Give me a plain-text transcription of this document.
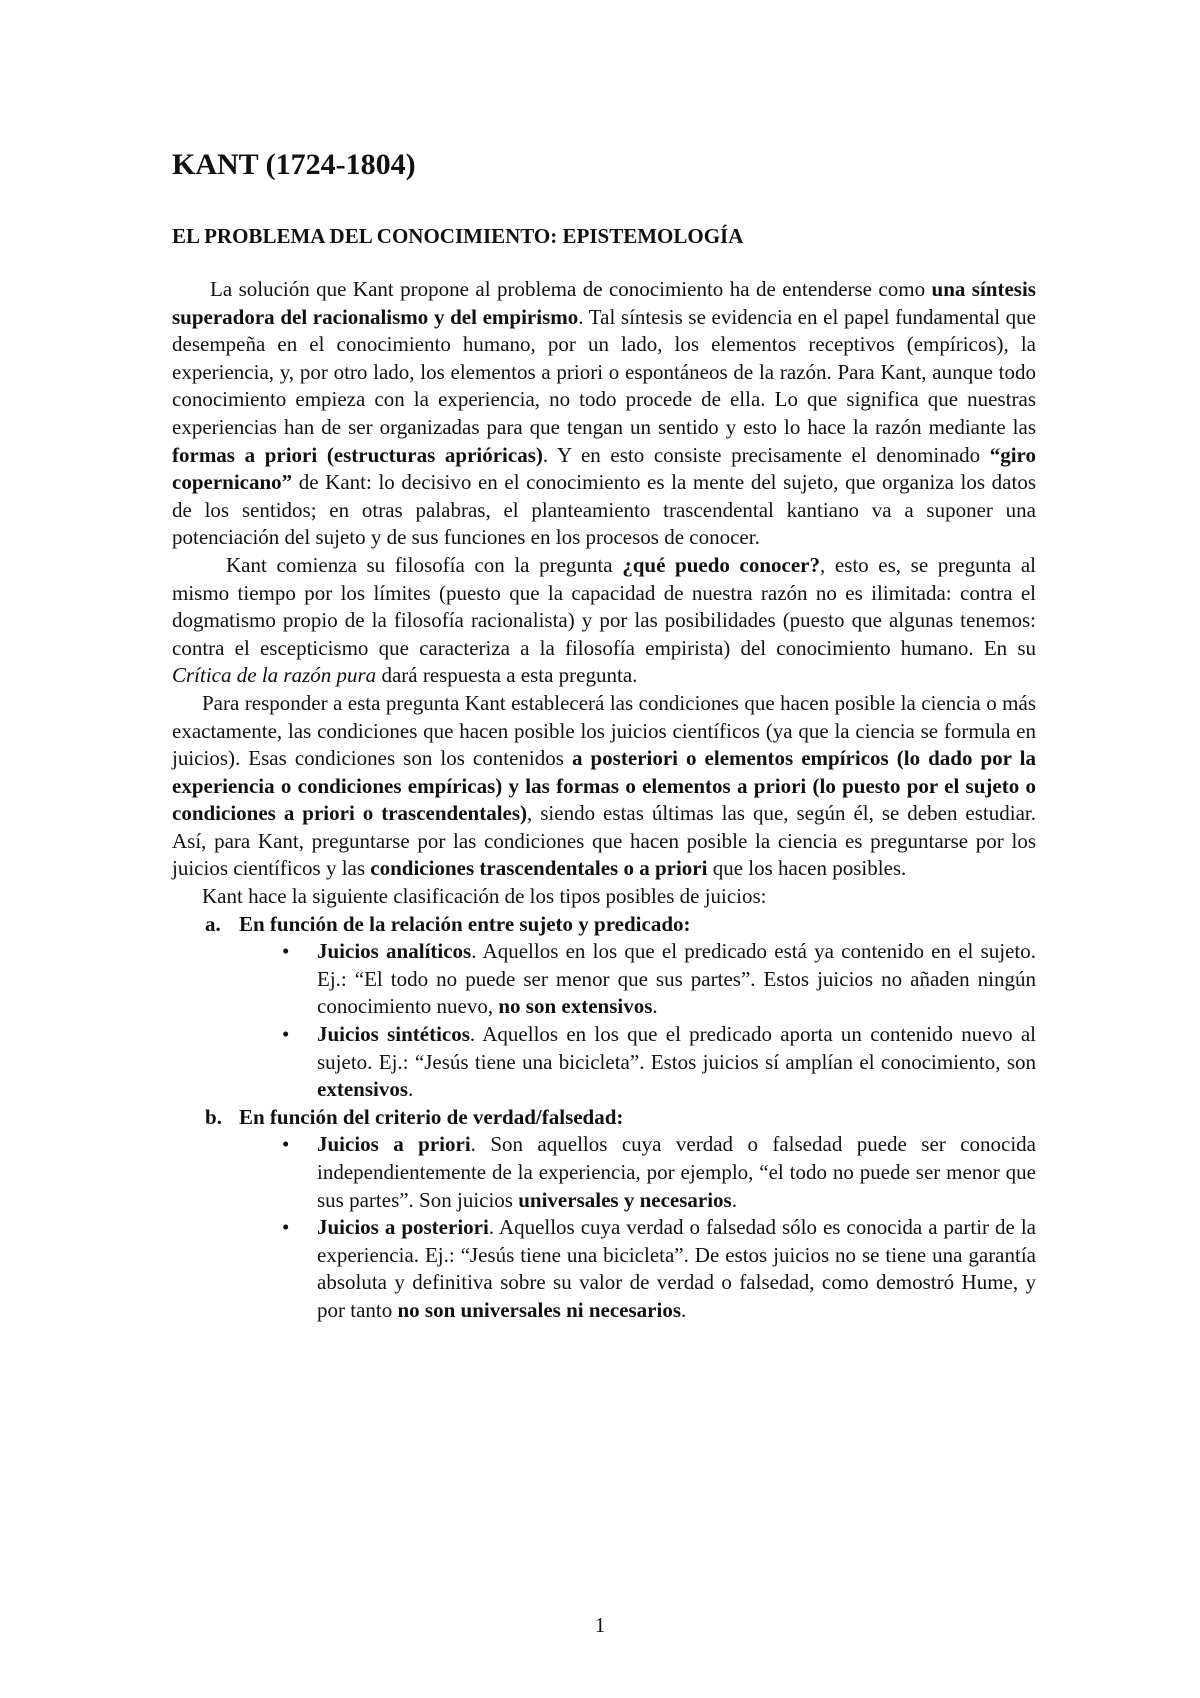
KANT (1724-1804)
EL PROBLEMA DEL CONOCIMIENTO: EPISTEMOLOGÍA

La solución que Kant propone al problema de conocimiento ha de entenderse como una síntesis superadora del racionalismo y del empirismo. Tal síntesis se evidencia en el papel fundamental que desempeña en el conocimiento humano, por un lado, los elementos receptivos (empíricos), la experiencia, y, por otro lado, los elementos a priori o espontáneos de la razón. Para Kant, aunque todo conocimiento empieza con la experiencia, no todo procede de ella. Lo que significa que nuestras experiencias han de ser organizadas para que tengan un sentido y esto lo hace la razón mediante las formas a priori (estructuras aprióricas). Y en esto consiste precisamente el denominado “giro copernicano” de Kant: lo decisivo en el conocimiento es la mente del sujeto, que organiza los datos de los sentidos; en otras palabras, el planteamiento trascendental kantiano va a suponer una potenciación del sujeto y de sus funciones en los procesos de conocer.

Kant comienza su filosofía con la pregunta ¿qué puedo conocer?, esto es, se pregunta al mismo tiempo por los límites (puesto que la capacidad de nuestra razón no es ilimitada: contra el dogmatismo propio de la filosofía racionalista) y por las posibilidades (puesto que algunas tenemos: contra el escepticismo que caracteriza a la filosofía empirista) del conocimiento humano. En su Crítica de la razón pura dará respuesta a esta pregunta.

Para responder a esta pregunta Kant establecerá las condiciones que hacen posible la ciencia o más exactamente, las condiciones que hacen posible los juicios científicos (ya que la ciencia se formula en juicios). Esas condiciones son los contenidos a posteriori o elementos empíricos (lo dado por la experiencia o condiciones empíricas) y las formas o elementos a priori (lo puesto por el sujeto o condiciones a priori o trascendentales), siendo estas últimas las que, según él, se deben estudiar. Así, para Kant, preguntarse por las condiciones que hacen posible la ciencia es preguntarse por los juicios científicos y las condiciones trascendentales o a priori que los hacen posibles.

Kant hace la siguiente clasificación de los tipos posibles de juicios:

a. En función de la relación entre sujeto y predicado:

• Juicios analíticos. Aquellos en los que el predicado está ya contenido en el sujeto. Ej.: “El todo no puede ser menor que sus partes”. Estos juicios no añaden ningún conocimiento nuevo, no son extensivos.
• Juicios sintéticos. Aquellos en los que el predicado aporta un contenido nuevo al sujeto. Ej.: “Jesús tiene una bicicleta”. Estos juicios sí amplían el conocimiento, son extensivos.

b. En función del criterio de verdad/falsedad:

• Juicios a priori. Son aquellos cuya verdad o falsedad puede ser conocida independientemente de la experiencia, por ejemplo, “el todo no puede ser menor que sus partes”. Son juicios universales y necesarios.
• Juicios a posteriori. Aquellos cuya verdad o falsedad sólo es conocida a partir de la experiencia. Ej.: “Jesús tiene una bicicleta”. De estos juicios no se tiene una garantía absoluta y definitiva sobre su valor de verdad o falsedad, como demostró Hume, y por tanto no son universales ni necesarios.
1
